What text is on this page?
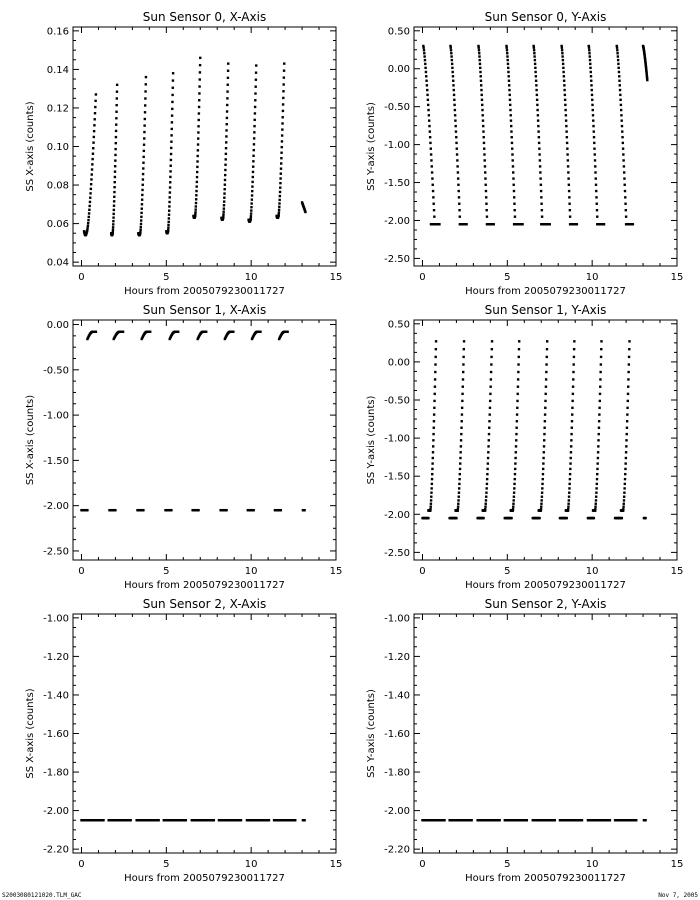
Sun Sensor 0, X-Axis
Hours from 2005079230011727
SS X-axis (counts)
0	5	10	15
0.04
0.06
0.08
0.10
0.12
0.14
0.16
Sun Sensor 0, Y-Axis
Hours from 2005079230011727
SS Y-axis (counts)
0	5	10	15
-2.50
-2.00
-1.50
-1.00
-0.50
0.00
0.50
Sun Sensor 1, X-Axis
Hours from 2005079230011727
SS X-axis (counts)
0	5	10	15
-2.50
-2.00
-1.50
-1.00
-0.50
0.00
Sun Sensor 1, Y-Axis
Hours from 2005079230011727
SS Y-axis (counts)
0	5	10	15
-2.50
-2.00
-1.50
-1.00
-0.50
0.00
0.50
Sun Sensor 2, X-Axis
Hours from 2005079230011727
SS X-axis (counts)
0	5	10	15
-2.20
-2.00
-1.80
-1.60
-1.40
-1.20
-1.00
Sun Sensor 2, Y-Axis
Hours from 2005079230011727
SS Y-axis (counts)
0	5	10	15
-2.20
-2.00
-1.80
-1.60
-1.40
-1.20
-1.00
S2003080121020.TLM_GAC	Nov 7, 2005
